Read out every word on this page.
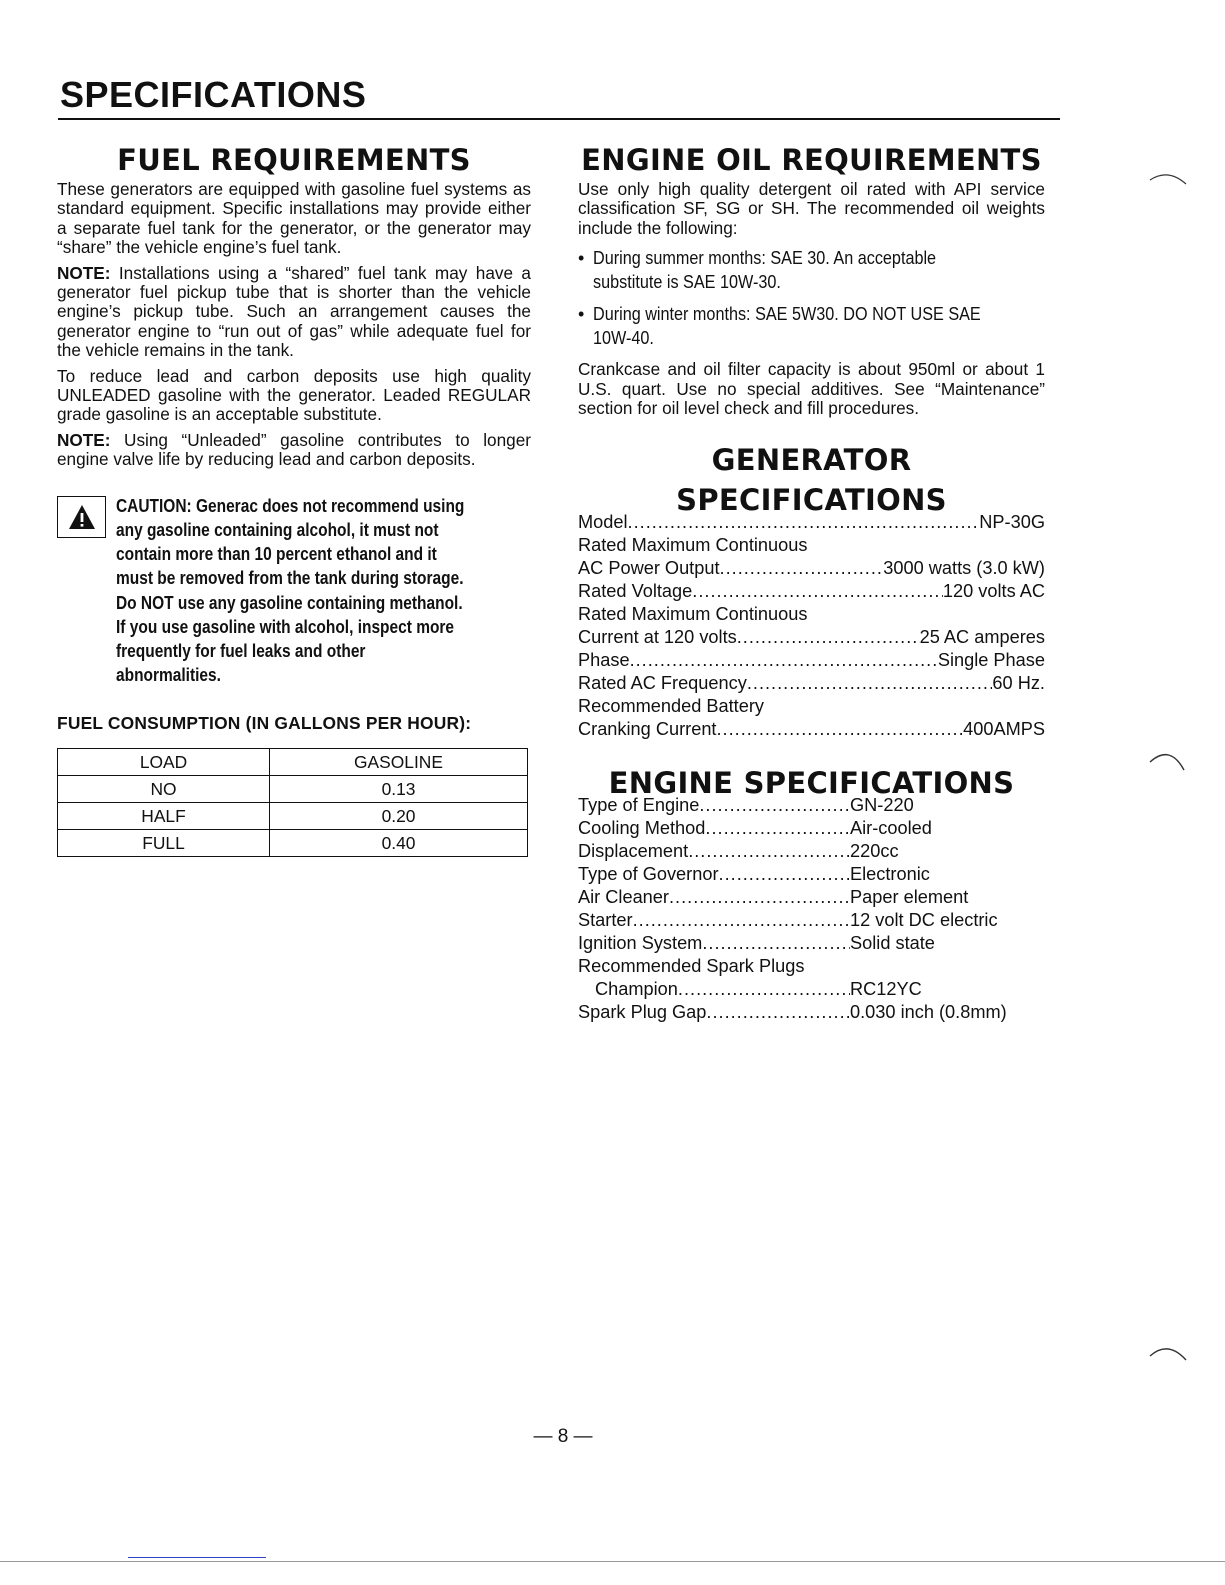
SPECIFICATIONS
FUEL REQUIREMENTS

These generators are equipped with gasoline fuel systems as standard equipment. Specific installations may provide either a separate fuel tank for the generator, or the generator may “share” the vehicle engine’s fuel tank.

NOTE: Installations using a “shared” fuel tank may have a generator fuel pickup tube that is shorter than the vehicle engine’s pickup tube. Such an arrangement causes the generator engine to “run out of gas” while adequate fuel for the vehicle remains in the tank.

To reduce lead and carbon deposits use high quality UNLEADED gasoline with the generator. Leaded REGULAR grade gasoline is an acceptable substitute.

NOTE: Using “Unleaded” gasoline contributes to longer engine valve life by reducing lead and carbon deposits.

CAUTION: Generac does not recommend using any gasoline containing alcohol, it must not contain more than 10 percent ethanol and it must be removed from the tank during storage. Do NOT use any gasoline containing methanol. If you use gasoline with alcohol, inspect more frequently for fuel leaks and other abnormalities.
FUEL CONSUMPTION (IN GALLONS PER HOUR):
LOAD	GASOLINE
NO	0.13
HALF	0.20
FULL	0.40
ENGINE OIL REQUIREMENTS

Use only high quality detergent oil rated with API service classification SF, SG or SH. The recommended oil weights include the following:

• During summer months: SAE 30. An acceptable substitute is SAE 10W-30.
• During winter months: SAE 5W30. DO NOT USE SAE 10W-40.

Crankcase and oil filter capacity is about 950ml or about 1 U.S. quart. Use no special additives. See “Maintenance” section for oil level check and fill procedures.

GENERATOR SPECIFICATIONS
Model .....	NP-30G
Rated Maximum Continuous
AC Power Output .....	3000 watts (3.0 kW)
Rated Voltage .....	120 volts AC
Rated Maximum Continuous
Current at 120 volts .....	25 AC amperes
Phase .....	Single Phase
Rated AC Frequency .....	60 Hz.
Recommended Battery
Cranking Current .....	400AMPS
ENGINE SPECIFICATIONS
Type of Engine .....	GN-220
Cooling Method .....	Air-cooled
Displacement .....	220cc
Type of Governor .....	Electronic
Air Cleaner .....	Paper element
Starter .....	12 volt DC electric
Ignition System .....	Solid state
Recommended Spark Plugs
Champion .....	RC12YC
Spark Plug Gap .....	0.030 inch (0.8mm)
— 8 —
